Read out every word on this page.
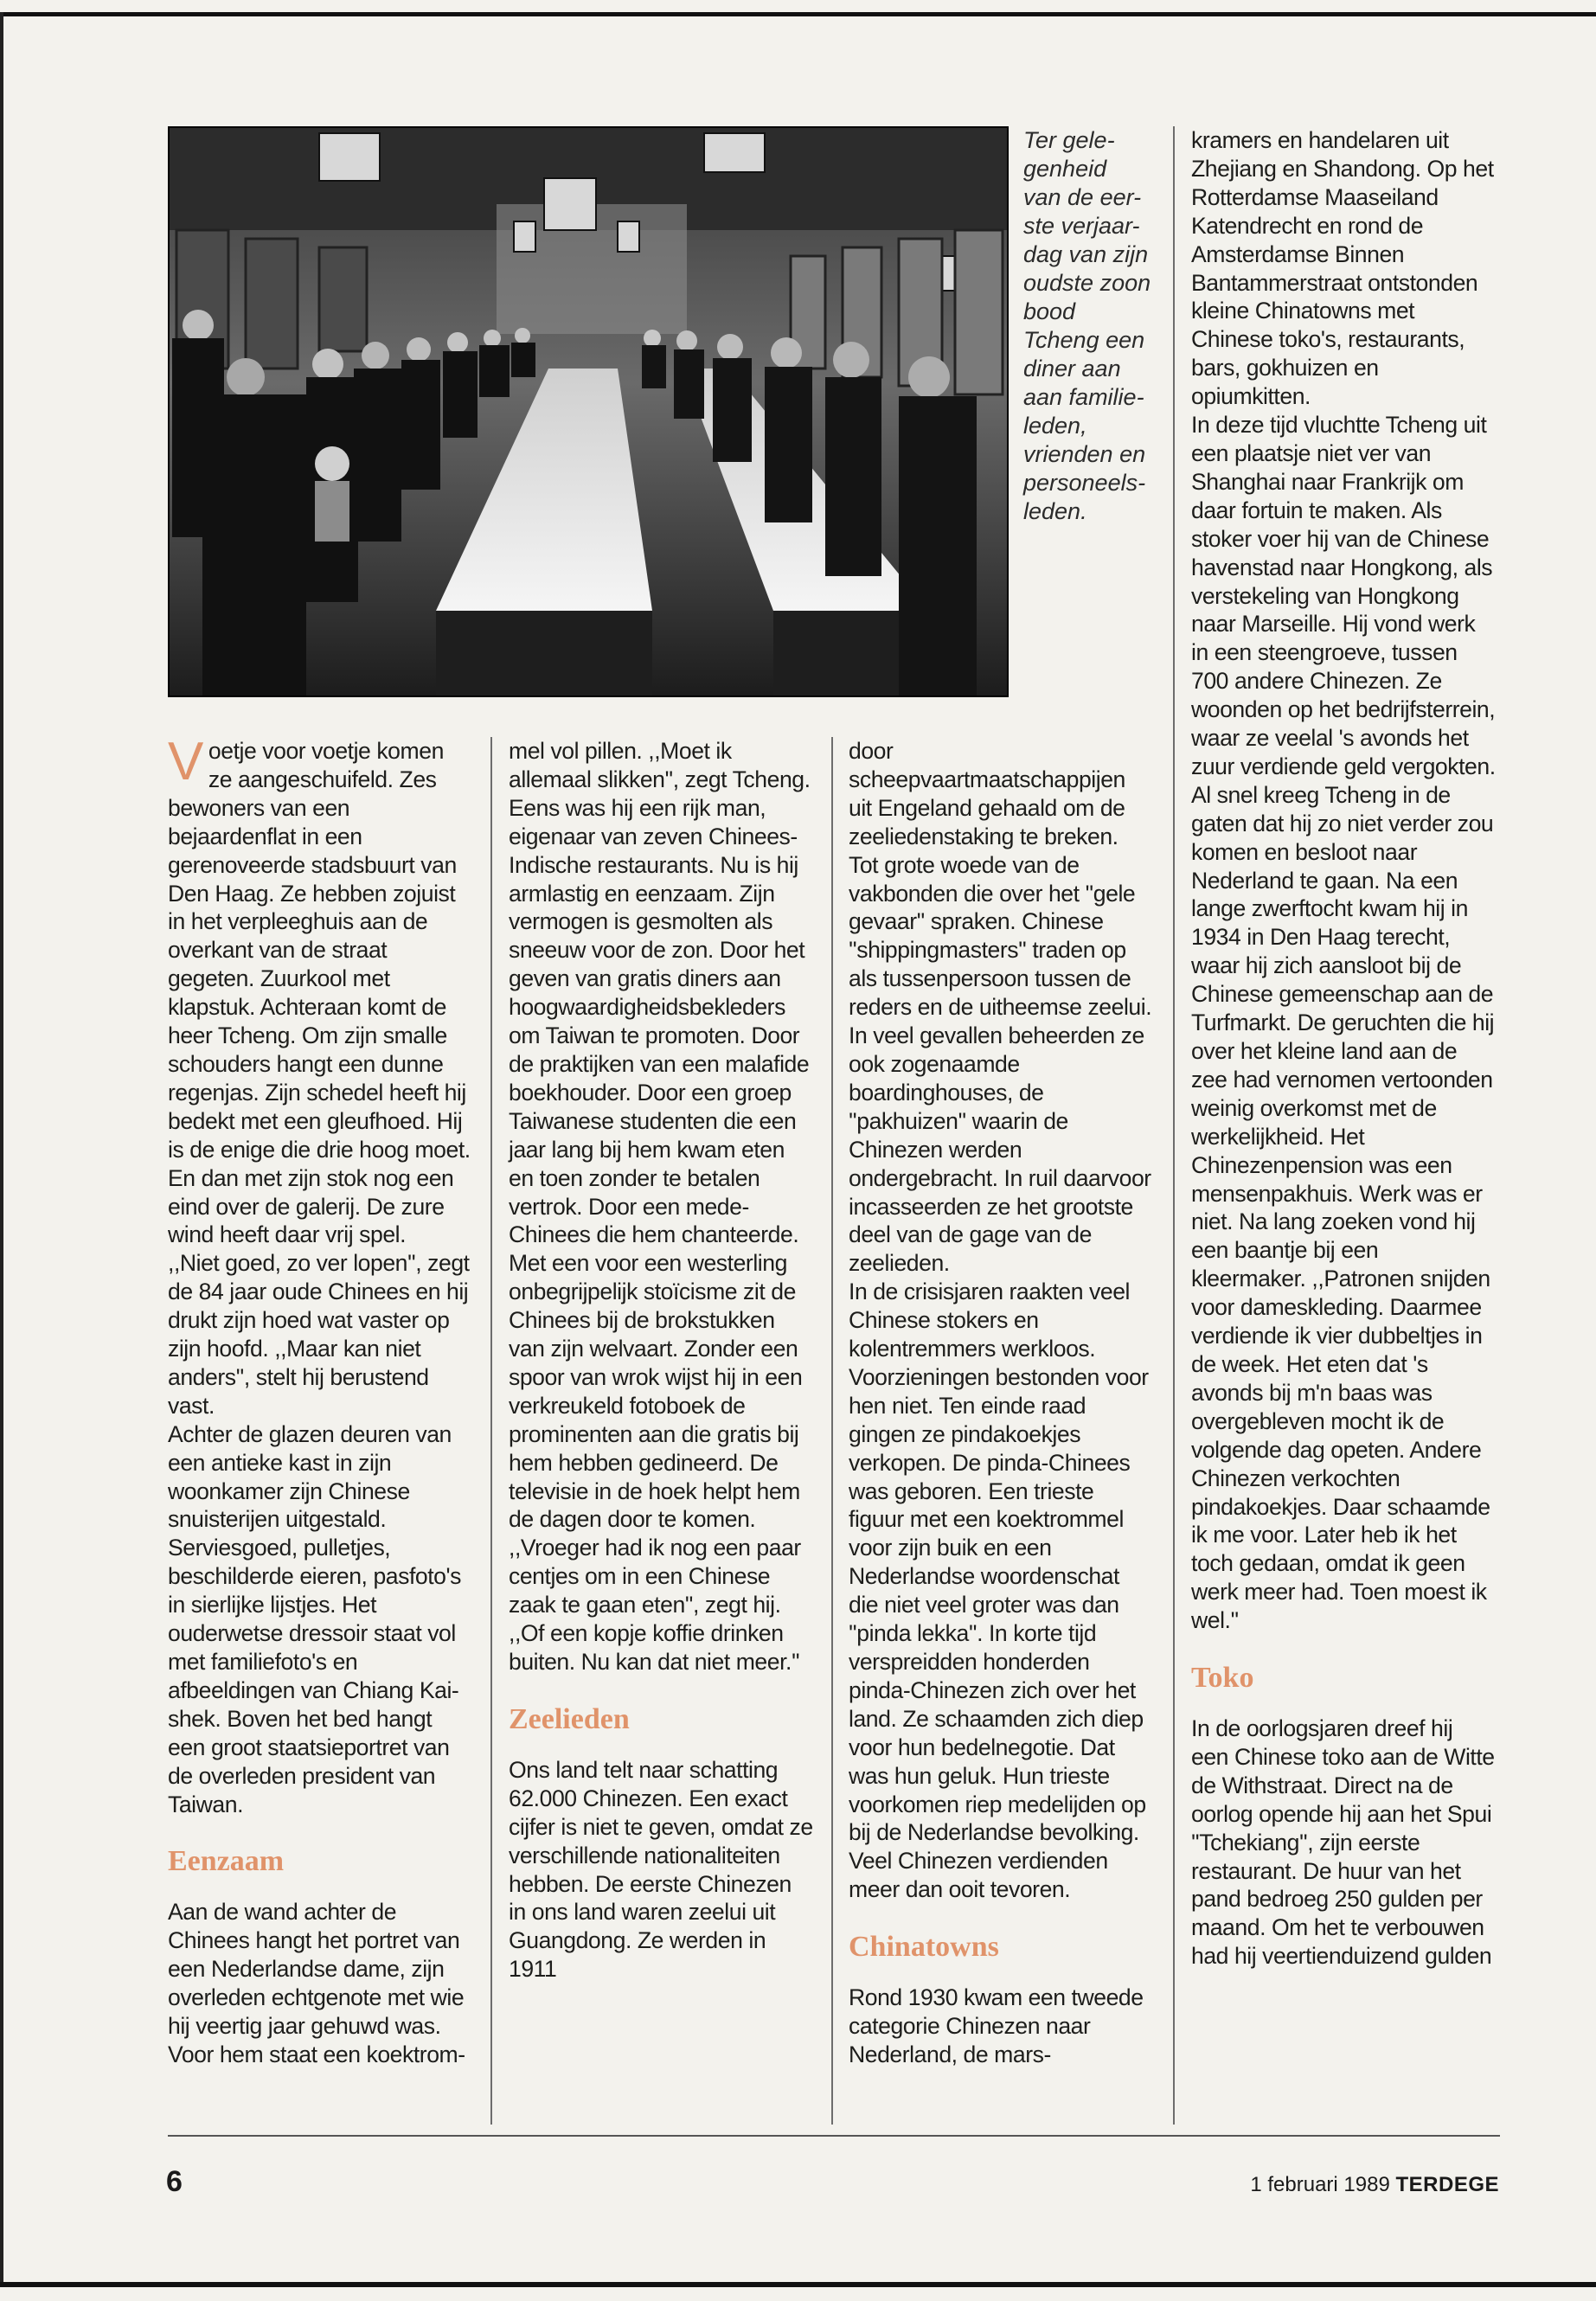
Ter gele-
genheid
van de eer-
ste verjaar-
dag van zijn
oudste zoon
bood
Tcheng een
diner aan
aan familie-
leden,
vrienden en
personeels-
leden.

Voetje voor voetje komen ze aangeschuifeld. Zes bewoners van een bejaardenflat in een gerenoveerde stadsbuurt van Den Haag. Ze hebben zojuist in het verpleeghuis aan de overkant van de straat gegeten. Zuurkool met klapstuk. Achteraan komt de heer Tcheng. Om zijn smalle schouders hangt een dunne regenjas. Zijn schedel heeft hij bedekt met een gleufhoed. Hij is de enige die drie hoog moet. En dan met zijn stok nog een eind over de galerij. De zure wind heeft daar vrij spel.

,,Niet goed, zo ver lopen'', zegt de 84 jaar oude Chinees en hij drukt zijn hoed wat vaster op zijn hoofd. ,,Maar kan niet anders'', stelt hij berustend vast.

Achter de glazen deuren van een antieke kast in zijn woonkamer zijn Chinese snuisterijen uitgestald. Serviesgoed, pulletjes, beschilderde eieren, pasfoto's in sierlijke lijstjes. Het ouderwetse dressoir staat vol met familiefoto's en afbeeldingen van Chiang Kai-shek. Boven het bed hangt een groot staatsieportret van de overleden president van Taiwan.

Eenzaam

Aan de wand achter de Chinees hangt het portret van een Nederlandse dame, zijn overleden echtgenote met wie hij veertig jaar gehuwd was. Voor hem staat een koektrom-

mel vol pillen. ,,Moet ik allemaal slikken'', zegt Tcheng. Eens was hij een rijk man, eigenaar van zeven Chinees-Indische restaurants. Nu is hij armlastig en eenzaam. Zijn vermogen is gesmolten als sneeuw voor de zon. Door het geven van gratis diners aan hoogwaardigheidsbekleders om Taiwan te promoten. Door de praktijken van een malafide boekhouder. Door een groep Taiwanese studenten die een jaar lang bij hem kwam eten en toen zonder te betalen vertrok. Door een mede-Chinees die hem chanteerde.

Met een voor een westerling onbegrijpelijk stoïcisme zit de Chinees bij de brokstukken van zijn welvaart. Zonder een spoor van wrok wijst hij in een verkreukeld fotoboek de prominenten aan die gratis bij hem hebben gedineerd. De televisie in de hoek helpt hem de dagen door te komen. ,,Vroeger had ik nog een paar centjes om in een Chinese zaak te gaan eten'', zegt hij. ,,Of een kopje koffie drinken buiten. Nu kan dat niet meer.''

Zeelieden

Ons land telt naar schatting 62.000 Chinezen. Een exact cijfer is niet te geven, omdat ze verschillende nationaliteiten hebben. De eerste Chinezen in ons land waren zeelui uit Guangdong. Ze werden in 1911

door scheepvaartmaatschappijen uit Engeland gehaald om de zeeliedenstaking te breken. Tot grote woede van de vakbonden die over het ''gele gevaar'' spraken. Chinese ''shippingmasters'' traden op als tussenpersoon tussen de reders en de uitheemse zeelui. In veel gevallen beheerden ze ook zogenaamde boardinghouses, de ''pakhuizen'' waarin de Chinezen werden ondergebracht. In ruil daarvoor incasseerden ze het grootste deel van de gage van de zeelieden.

In de crisisjaren raakten veel Chinese stokers en kolentremmers werkloos. Voorzieningen bestonden voor hen niet. Ten einde raad gingen ze pindakoekjes verkopen. De pinda-Chinees was geboren. Een trieste figuur met een koektrommel voor zijn buik en een Nederlandse woordenschat die niet veel groter was dan ''pinda lekka''. In korte tijd verspreidden honderden pinda-Chinezen zich over het land. Ze schaamden zich diep voor hun bedelnegotie. Dat was hun geluk. Hun trieste voorkomen riep medelijden op bij de Nederlandse bevolking. Veel Chinezen verdienden meer dan ooit tevoren.

Chinatowns

Rond 1930 kwam een tweede categorie Chinezen naar Nederland, de mars-

kramers en handelaren uit Zhejiang en Shandong. Op het Rotterdamse Maaseiland Katendrecht en rond de Amsterdamse Binnen Bantammerstraat ontstonden kleine Chinatowns met Chinese toko's, restaurants, bars, gokhuizen en opiumkitten.

In deze tijd vluchtte Tcheng uit een plaatsje niet ver van Shanghai naar Frankrijk om daar fortuin te maken. Als stoker voer hij van de Chinese havenstad naar Hongkong, als verstekeling van Hongkong naar Marseille. Hij vond werk in een steengroeve, tussen 700 andere Chinezen. Ze woonden op het bedrijfsterrein, waar ze veelal 's avonds het zuur verdiende geld vergokten.

Al snel kreeg Tcheng in de gaten dat hij zo niet verder zou komen en besloot naar Nederland te gaan. Na een lange zwerftocht kwam hij in 1934 in Den Haag terecht, waar hij zich aansloot bij de Chinese gemeenschap aan de Turfmarkt. De geruchten die hij over het kleine land aan de zee had vernomen vertoonden weinig overkomst met de werkelijkheid. Het Chinezenpension was een mensenpakhuis. Werk was er niet. Na lang zoeken vond hij een baantje bij een kleermaker. ,,Patronen snijden voor dameskleding. Daarmee verdiende ik vier dubbeltjes in de week. Het eten dat 's avonds bij m'n baas was overgebleven mocht ik de volgende dag opeten. Andere Chinezen verkochten pindakoekjes. Daar schaamde ik me voor. Later heb ik het toch gedaan, omdat ik geen werk meer had. Toen moest ik wel.''

Toko

In de oorlogsjaren dreef hij een Chinese toko aan de Witte de Withstraat. Direct na de oorlog opende hij aan het Spui ''Tchekiang'', zijn eerste restaurant. De huur van het pand bedroeg 250 gulden per maand. Om het te verbouwen had hij veertienduizend gulden

6	1 februari 1989 TERDEGE
